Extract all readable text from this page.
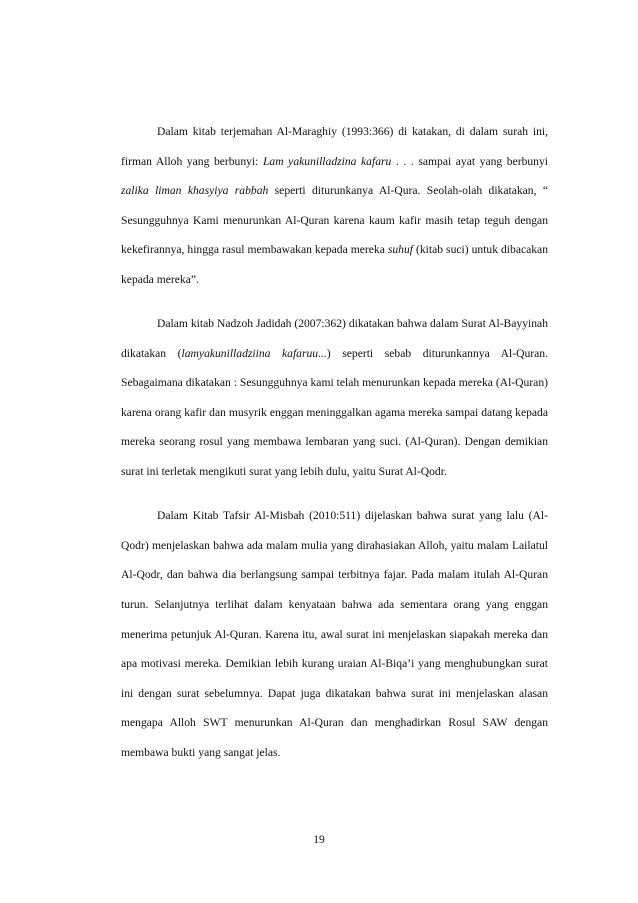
Dalam kitab terjemahan Al-Maraghiy (1993:366) di katakan, di dalam surah ini, firman Alloh yang berbunyi: Lam yakunilladzina kafaru . . . sampai ayat yang berbunyi zalika liman khasyiya rabbah seperti diturunkanya Al-Qura. Seolah-olah dikatakan, “ Sesungguhnya Kami menurunkan Al-Quran karena kaum kafir masih tetap teguh dengan kekefirannya, hingga rasul membawakan kepada mereka suhuf (kitab suci) untuk dibacakan kepada mereka”.

Dalam kitab Nadzoh Jadidah (2007:362) dikatakan bahwa dalam Surat Al-Bayyinah dikatakan (lamyakunilladziina kafaruu...) seperti sebab diturunkannya Al-Quran. Sebagaimana dikatakan : Sesungguhnya kami telah menurunkan kepada mereka (Al-Quran) karena orang kafir dan musyrik enggan meninggalkan agama mereka sampai datang kepada mereka seorang rosul yang membawa lembaran yang suci. (Al-Quran). Dengan demikian surat ini terletak mengikuti surat yang lebih dulu, yaitu Surat Al-Qodr.

Dalam Kitab Tafsir Al-Misbah (2010:511) dijelaskan bahwa surat yang lalu (Al-Qodr) menjelaskan bahwa ada malam mulia yang dirahasiakan Alloh, yaitu malam Lailatul Al-Qodr, dan bahwa dia berlangsung sampai terbitnya fajar. Pada malam itulah Al-Quran turun. Selanjutnya terlihat dalam kenyataan bahwa ada sementara orang yang enggan menerima petunjuk Al-Quran. Karena itu, awal surat ini menjelaskan siapakah mereka dan apa motivasi mereka. Demikian lebih kurang uraian Al-Biqa’i yang menghubungkan surat ini dengan surat sebelumnya. Dapat juga dikatakan bahwa surat ini menjelaskan alasan mengapa Alloh SWT menurunkan Al-Quran dan menghadirkan Rosul SAW dengan membawa bukti yang sangat jelas.

19
